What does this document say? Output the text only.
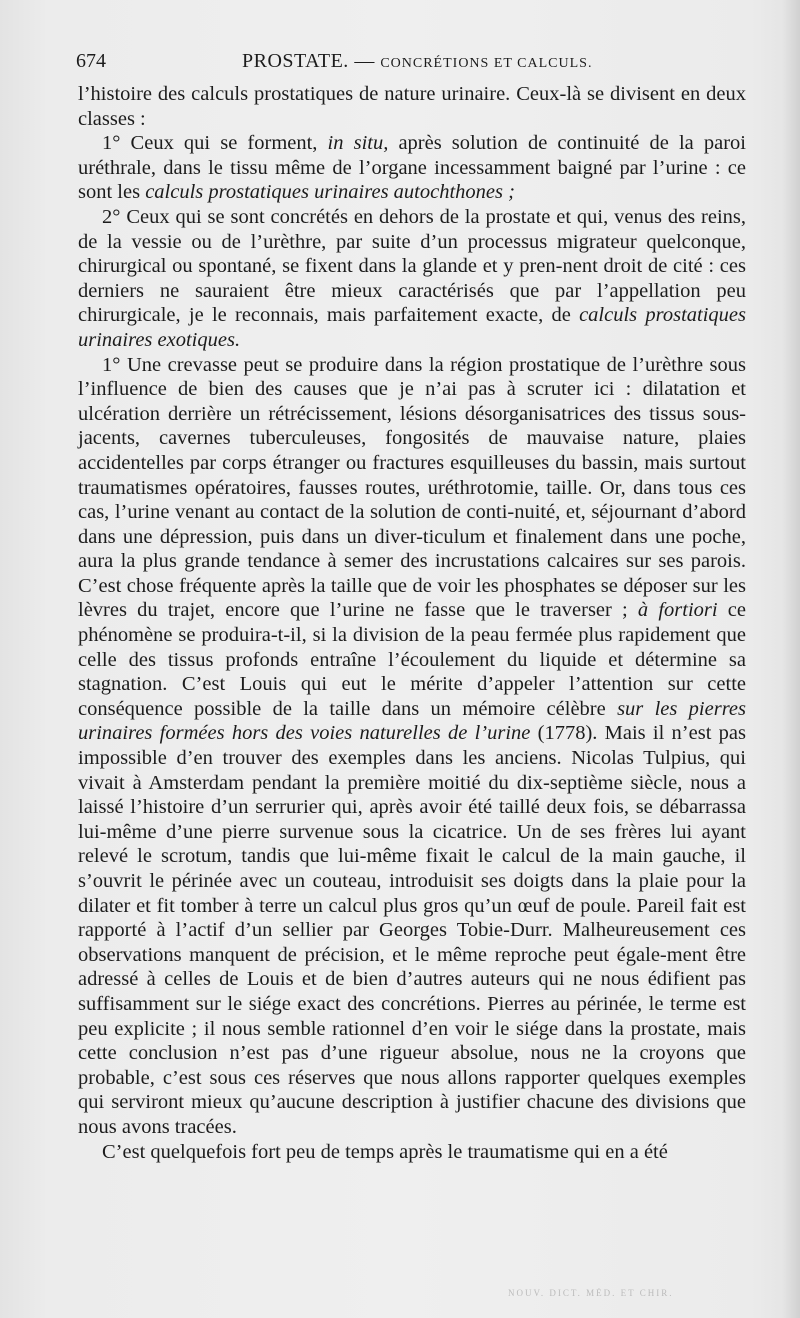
674	PROSTATE. — CONCRÉTIONS ET CALCULS.

l’histoire des calculs prostatiques de nature urinaire. Ceux-là se divisent en deux classes :

1° Ceux qui se forment, in situ, après solution de continuité de la paroi uréthrale, dans le tissu même de l’organe incessamment baigné par l’urine : ce sont les calculs prostatiques urinaires autochthones ;

2° Ceux qui se sont concrétés en dehors de la prostate et qui, venus des reins, de la vessie ou de l’urèthre, par suite d’un processus migrateur quelconque, chirurgical ou spontané, se fixent dans la glande et y pren-nent droit de cité : ces derniers ne sauraient être mieux caractérisés que par l’appellation peu chirurgicale, je le reconnais, mais parfaitement exacte, de calculs prostatiques urinaires exotiques.

1° Une crevasse peut se produire dans la région prostatique de l’urèthre sous l’influence de bien des causes que je n’ai pas à scruter ici : dilatation et ulcération derrière un rétrécissement, lésions désorganisatrices des tissus sous-jacents, cavernes tuberculeuses, fongosités de mauvaise nature, plaies accidentelles par corps étranger ou fractures esquilleuses du bassin, mais surtout traumatismes opératoires, fausses routes, uréthrotomie, taille. Or, dans tous ces cas, l’urine venant au contact de la solution de conti-nuité, et, séjournant d’abord dans une dépression, puis dans un diver-ticulum et finalement dans une poche, aura la plus grande tendance à semer des incrustations calcaires sur ses parois. C’est chose fréquente après la taille que de voir les phosphates se déposer sur les lèvres du trajet, encore que l’urine ne fasse que le traverser ; à fortiori ce phénomène se produira-t-il, si la division de la peau fermée plus rapidement que celle des tissus profonds entraîne l’écoulement du liquide et détermine sa stagnation. C’est Louis qui eut le mérite d’appeler l’attention sur cette conséquence possible de la taille dans un mémoire célèbre sur les pierres urinaires formées hors des voies naturelles de l’urine (1778). Mais il n’est pas impossible d’en trouver des exemples dans les anciens. Nicolas Tulpius, qui vivait à Amsterdam pendant la première moitié du dix-septième siècle, nous a laissé l’histoire d’un serrurier qui, après avoir été taillé deux fois, se débarrassa lui-même d’une pierre survenue sous la cicatrice. Un de ses frères lui ayant relevé le scrotum, tandis que lui-même fixait le calcul de la main gauche, il s’ouvrit le périnée avec un couteau, introduisit ses doigts dans la plaie pour la dilater et fit tomber à terre un calcul plus gros qu’un œuf de poule. Pareil fait est rapporté à l’actif d’un sellier par Georges Tobie-Durr. Malheureusement ces observations manquent de précision, et le même reproche peut égale-ment être adressé à celles de Louis et de bien d’autres auteurs qui ne nous édifient pas suffisamment sur le siége exact des concrétions. Pierres au périnée, le terme est peu explicite ; il nous semble rationnel d’en voir le siége dans la prostate, mais cette conclusion n’est pas d’une rigueur absolue, nous ne la croyons que probable, c’est sous ces réserves que nous allons rapporter quelques exemples qui serviront mieux qu’aucune description à justifier chacune des divisions que nous avons tracées.

C’est quelquefois fort peu de temps après le traumatisme qui en a été

NOUV. DICT. MÉD. ET CHIR.
